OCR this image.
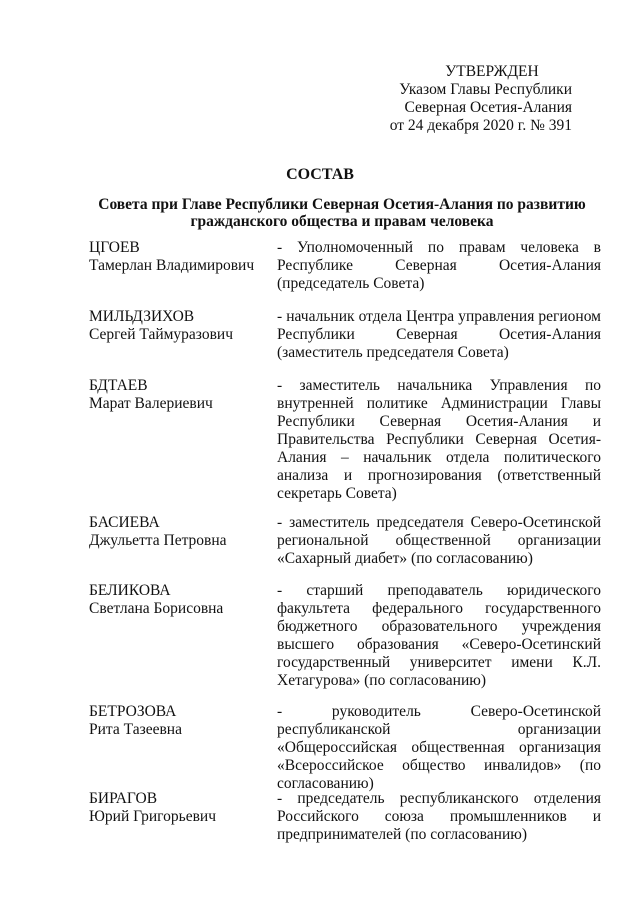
УТВЕРЖДЕН
Указом Главы Республики
Северная Осетия-Алания
от 24 декабря 2020 г. № 391
СОСТАВ
Совета при Главе Республики Северная Осетия-Алания по развитию гражданского общества и правам человека
ЦГОЕВ
Тамерлан Владимирович
- Уполномоченный по правам человека в Республике Северная Осетия-Алания (председатель Совета)
МИЛЬДЗИХОВ
Сергей Таймуразович
- начальник отдела Центра управления регионом Республики Северная Осетия-Алания (заместитель председателя Совета)
БДТАЕВ
Марат Валериевич
- заместитель начальника Управления по внутренней политике Администрации Главы Республики Северная Осетия-Алания и Правительства Республики Северная Осетия-Алания – начальник отдела политического анализа и прогнозирования (ответственный секретарь Совета)
БАСИЕВА
Джульетта Петровна
- заместитель председателя Северо-Осетинской региональной общественной организации «Сахарный диабет» (по согласованию)
БЕЛИКОВА
Светлана Борисовна
- старший преподаватель юридического факультета федерального государственного бюджетного образовательного учреждения высшего образования «Северо-Осетинский государственный университет имени К.Л. Хетагурова» (по согласованию)
БЕТРОЗОВА
Рита Тазеевна
- руководитель Северо-Осетинской республиканской организации «Общероссийская общественная организация «Всероссийское общество инвалидов» (по согласованию)
БИРАГОВ
Юрий Григорьевич
- председатель республиканского отделения Российского союза промышленников и предпринимателей (по согласованию)
